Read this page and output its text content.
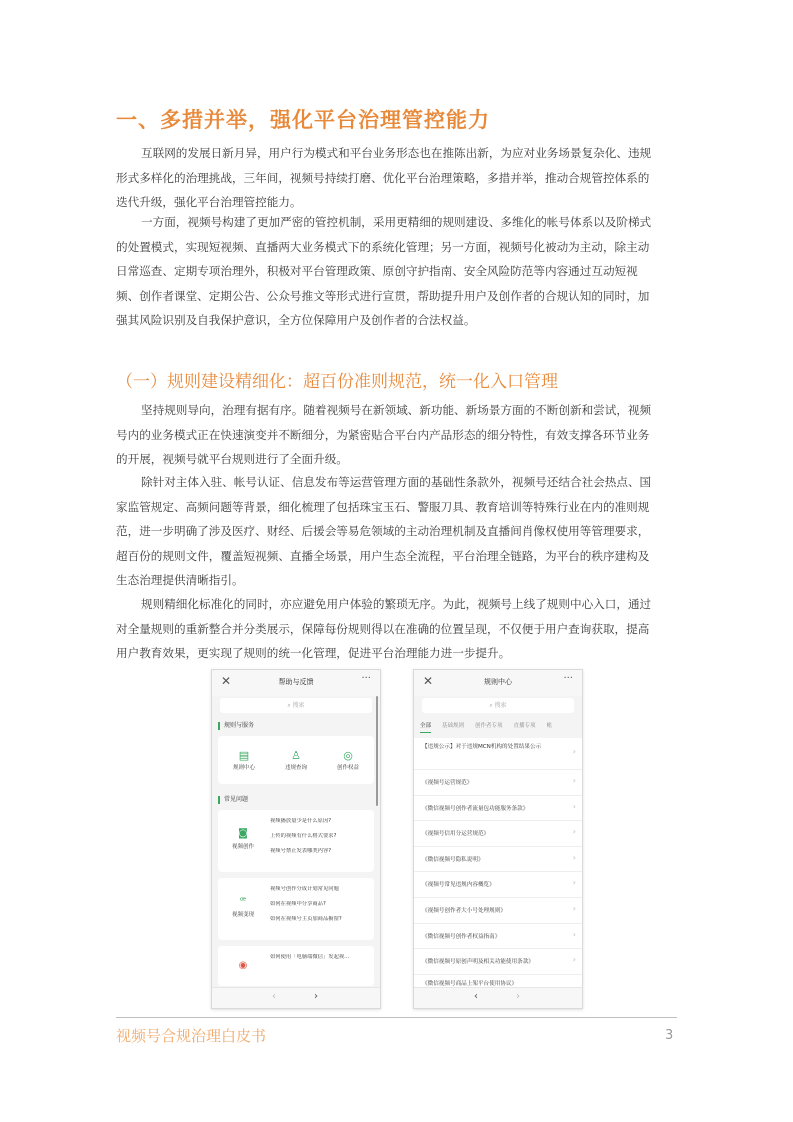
一、多措并举，强化平台治理管控能力

互联网的发展日新月异，用户行为模式和平台业务形态也在推陈出新，为应对业务场景复杂化、违规
形式多样化的治理挑战，三年间，视频号持续打磨、优化平台治理策略，多措并举，推动合规管控体系的
迭代升级，强化平台治理管控能力。

一方面，视频号构建了更加严密的管控机制，采用更精细的规则建设、多维化的帐号体系以及阶梯式
的处置模式，实现短视频、直播两大业务模式下的系统化管理；另一方面，视频号化被动为主动，除主动
日常巡查、定期专项治理外，积极对平台管理政策、原创守护指南、安全风险防范等内容通过互动短视
频、创作者课堂、定期公告、公众号推文等形式进行宣贯，帮助提升用户及创作者的合规认知的同时，加
强其风险识别及自我保护意识，全方位保障用户及创作者的合法权益。

（一）规则建设精细化：超百份准则规范，统一化入口管理

坚持规则导向，治理有据有序。随着视频号在新领域、新功能、新场景方面的不断创新和尝试，视频
号内的业务模式正在快速演变并不断细分，为紧密贴合平台内产品形态的细分特性，有效支撑各环节业务
的开展，视频号就平台规则进行了全面升级。

除针对主体入驻、帐号认证、信息发布等运营管理方面的基础性条款外，视频号还结合社会热点、国
家监管规定、高频问题等背景，细化梳理了包括珠宝玉石、警服刀具、教育培训等特殊行业在内的准则规
范，进一步明确了涉及医疗、财经、后援会等易危领域的主动治理机制及直播间肖像权使用等管理要求，
超百份的规则文件，覆盖短视频、直播全场景，用户生态全流程，平台治理全链路，为平台的秩序建构及
生态治理提供清晰指引。

规则精细化标准化的同时，亦应避免用户体验的繁琐无序。为此，视频号上线了规则中心入口，通过
对全量规则的重新整合并分类展示，保障每份规则得以在准确的位置呈现，不仅便于用户查询获取，提高
用户教育效果，更实现了规则的统一化管理，促进平台治理能力进一步提升。

✕	帮助与反馈	···
⌕ 搜索
规则与服务
▤
规则中心
♙
违规查询
◎
创作权益
常见问题
◙
视频创作
视频播放量少是什么原因?
上传的视频有什么格式要求?
视频号禁止发表哪类内容?
ꟹ
视频变现
视频号创作分成计划常见问题
如何在视频中分享商品?
如何在视频号主页加商品橱窗?
◉
如何使用「电脑端微信」发起视...
‹	›
✕	规则中心	···
⌕ 搜索
全部 基础规则 创作者专项 直播专项 帐
【违规公示】对于违规MCN机构的处置结果公示	›
《视频号运营规范》	›
《微信视频号创作者流量包功能服务条款》	›
《视频号信用分运营规范》	›
《微信视频号隐私说明》	›
《视频号常见违规内容概览》	›
《视频号创作者大小号处理规则》	›
《微信视频号创作者权益指南》	›
《微信视频号原创声明及相关功能使用条款》	›
《微信视频号商品上架平台使用协议》
‹	›
视频号合规治理白皮书	3
